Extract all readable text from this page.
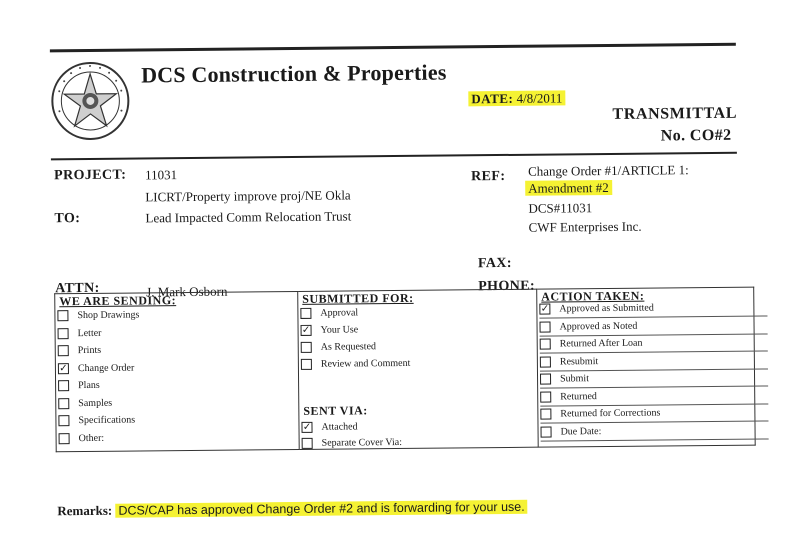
DCS Construction & Properties
DATE: 4/8/2011
TRANSMITTAL
No. CO#2
PROJECT: 11031
LICRT/Property improve proj/NE Okla
TO:	Lead Impacted Comm Relocation Trust
REF: Change Order #1/ARTICLE 1:
Amendment #2
DCS#11031
CWF Enterprises Inc.
FAX:
ATTN:	J. Mark Osborn	PHONE:
WE ARE SENDING:
Shop Drawings
Letter
Prints
✓ Change Order
Plans
Samples
Specifications
Other:

SUBMITTED FOR:
SENT VIA:
Approval
✓ Your Use
As Requested
Review and Comment
✓ Attached
Separate Cover Via:

ACTION TAKEN:
✓ Approved as Submitted
Approved as Noted
Returned After Loan
Resubmit
Submit
Returned
Returned for Corrections
Due Date:
Remarks: DCS/CAP has approved Change Order #2 and is forwarding for your use.
